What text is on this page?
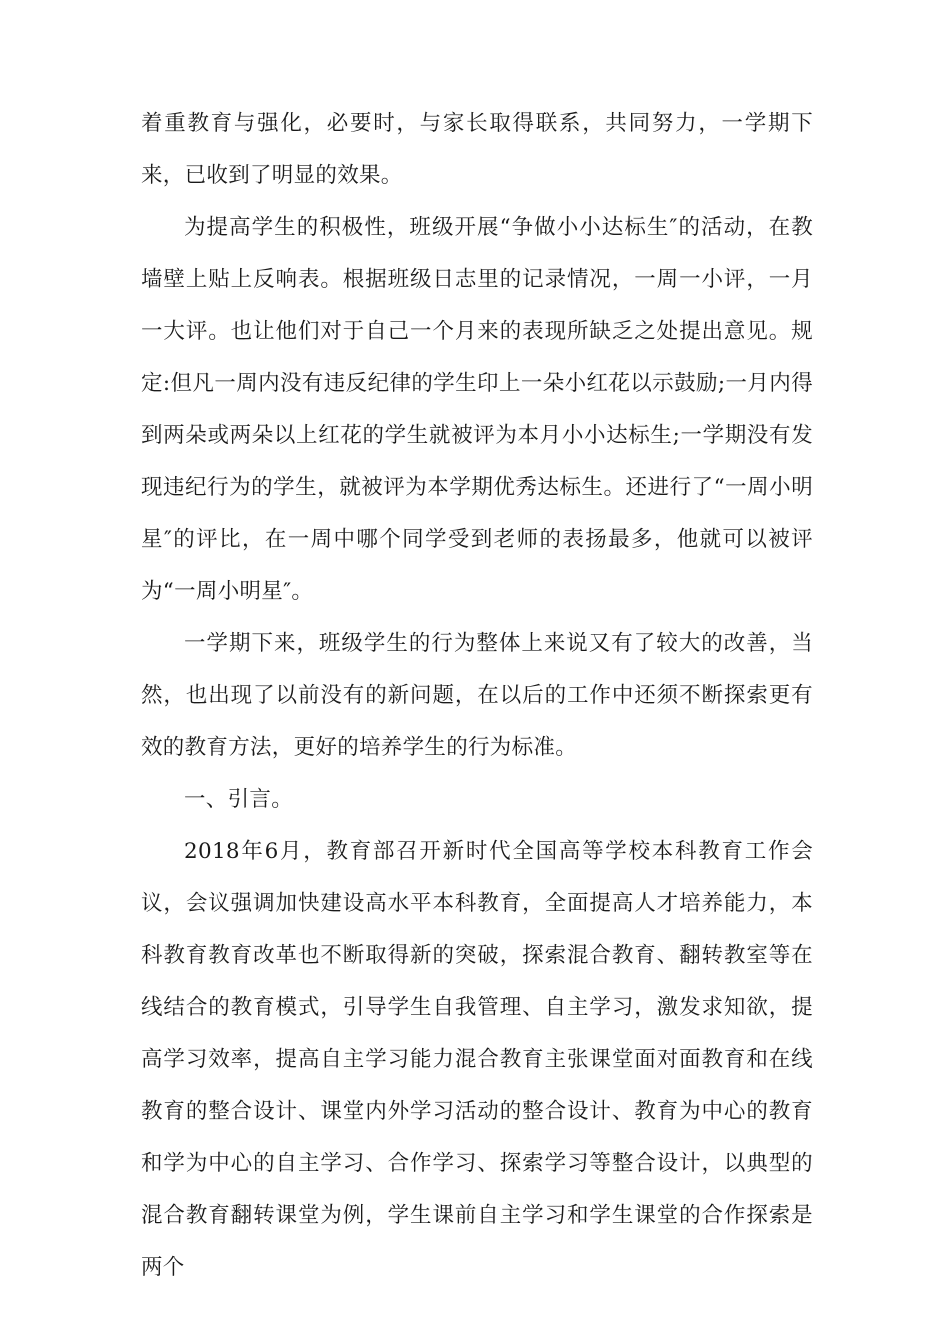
着重教育与强化，必要时，与家长取得联系，共同努力，一学期下来，已收到了明显的效果。

为提高学生的积极性，班级开展“争做小小达标生″的活动，在教墙壁上贴上反响表。根据班级日志里的记录情况，一周一小评，一月一大评。也让他们对于自己一个月来的表现所缺乏之处提出意见。规定:但凡一周内没有违反纪律的学生印上一朵小红花以示鼓励;一月内得到两朵或两朵以上红花的学生就被评为本月小小达标生;一学期没有发现违纪行为的学生，就被评为本学期优秀达标生。还进行了“一周小明星″的评比，在一周中哪个同学受到老师的表扬最多，他就可以被评为“一周小明星″。

一学期下来，班级学生的行为整体上来说又有了较大的改善，当然，也出现了以前没有的新问题，在以后的工作中还须不断探索更有效的教育方法，更好的培养学生的行为标准。

一、引言。

2018年6月，教育部召开新时代全国高等学校本科教育工作会议，会议强调加快建设高水平本科教育，全面提高人才培养能力，本科教育教育改革也不断取得新的突破，探索混合教育、翻转教室等在线结合的教育模式，引导学生自我管理、自主学习，激发求知欲，提高学习效率，提高自主学习能力混合教育主张课堂面对面教育和在线教育的整合设计、课堂内外学习活动的整合设计、教育为中心的教育和学为中心的自主学习、合作学习、探索学习等整合设计，以典型的混合教育翻转课堂为例，学生课前自主学习和学生课堂的合作探索是两个
